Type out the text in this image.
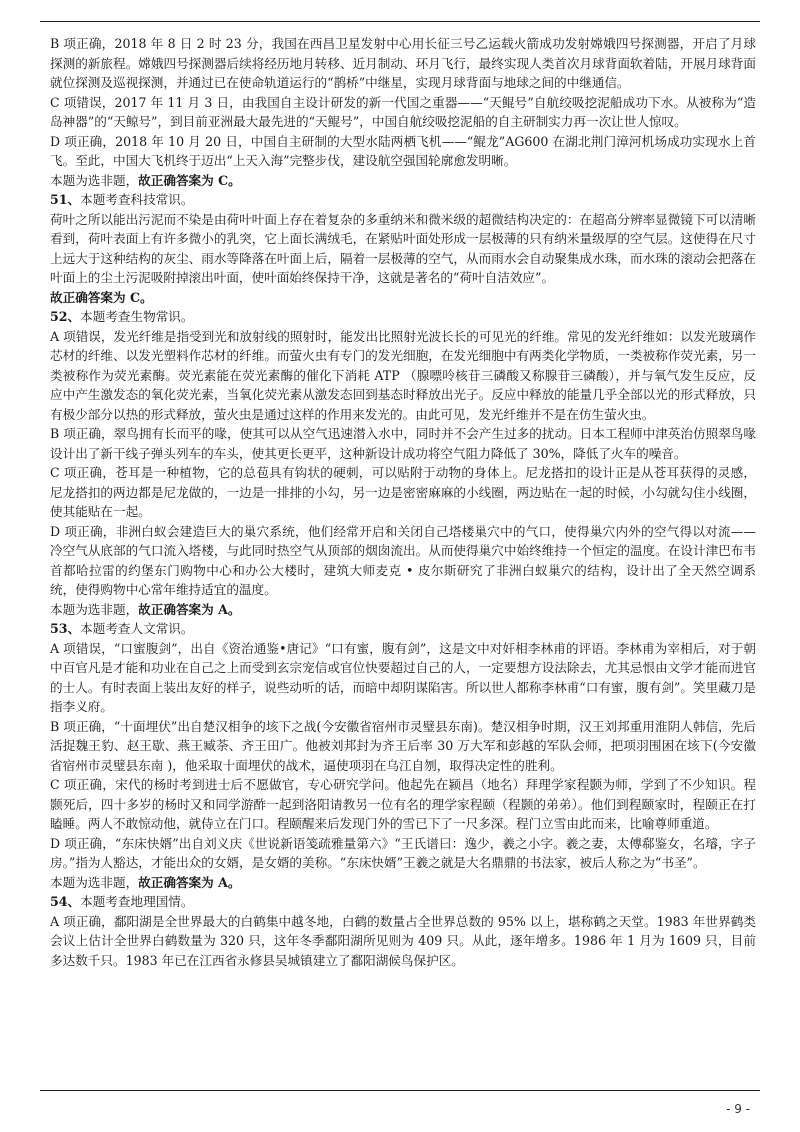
B 项正确，2018 年 8 日 2 时 23 分，我国在西昌卫星发射中心用长征三号乙运载火箭成功发射嫦娥四号探测器，开启了月球探测的新旅程。嫦娥四号探测器后续将经历地月转移、近月制动、环月飞行，最终实现人类首次月球背面软着陆，开展月球背面就位探测及巡视探测，并通过已在使命轨道运行的“鹊桥”中继星，实现月球背面与地球之间的中继通信。

C 项错误，2017 年 11 月 3 日，由我国自主设计研发的新一代国之重器——“天鲲号”自航绞吸挖泥船成功下水。从被称为“造岛神器”的“天鲸号”，到目前亚洲最大最先进的“天鲲号”，中国自航绞吸挖泥船的自主研制实力再一次让世人惊叹。

D 项正确，2018 年 10 月 20 日，中国自主研制的大型水陆两栖飞机——“鲲龙”AG600 在湖北荆门漳河机场成功实现水上首飞。至此，中国大飞机终于迈出“上天入海”完整步伐，建设航空强国轮廓愈发明晰。

本题为选非题，故正确答案为 C。

51、本题考查科技常识。

荷叶之所以能出污泥而不染是由荷叶叶面上存在着复杂的多重纳米和微米级的超微结构决定的：在超高分辨率显微镜下可以清晰看到，荷叶表面上有许多微小的乳突，它上面长满绒毛，在紧贴叶面处形成一层极薄的只有纳米量级厚的空气层。这使得在尺寸上远大于这种结构的灰尘、雨水等降落在叶面上后，隔着一层极薄的空气，从而雨水会自动聚集成水珠，而水珠的滚动会把落在叶面上的尘土污泥吸附掉滚出叶面，使叶面始终保持干净，这就是著名的“荷叶自洁效应”。

故正确答案为 C。

52、本题考查生物常识。

A 项错误，发光纤维是指受到光和放射线的照射时，能发出比照射光波长长的可见光的纤维。常见的发光纤维如：以发光玻璃作芯材的纤维、以发光塑料作芯材的纤维。而萤火虫有专门的发光细胞，在发光细胞中有两类化学物质，一类被称作荧光素，另一类被称作为荧光素酶。荧光素能在荧光素酶的催化下消耗 ATP （腺嘌呤核苷三磷酸又称腺苷三磷酸），并与氧气发生反应，反应中产生激发态的氧化荧光素，当氧化荧光素从激发态回到基态时释放出光子。反应中释放的能量几乎全部以光的形式释放，只有极少部分以热的形式释放，萤火虫是通过这样的作用来发光的。由此可见，发光纤维并不是在仿生萤火虫。

B 项正确，翠鸟拥有长而平的喙，使其可以从空气迅速潜入水中，同时并不会产生过多的扰动。日本工程师中津英治仿照翠鸟喙设计出了新干线子弹头列车的车头，使其更长更平，这种新设计成功将空气阻力降低了 30%，降低了火车的噪音。

C 项正确，苍耳是一种植物，它的总苞具有钩状的硬刺，可以贴附于动物的身体上。尼龙搭扣的设计正是从苍耳获得的灵感，尼龙搭扣的两边都是尼龙做的，一边是一排排的小勾，另一边是密密麻麻的小线圈，两边贴在一起的时候，小勾就勾住小线圈，使其能贴在一起。

D 项正确，非洲白蚁会建造巨大的巢穴系统，他们经常开启和关闭自己塔楼巢穴中的气口，使得巢穴内外的空气得以对流——冷空气从底部的气口流入塔楼，与此同时热空气从顶部的烟囱流出。从而使得巢穴中始终维持一个恒定的温度。在设计津巴布韦首都哈拉雷的约堡东门购物中心和办公大楼时，建筑大师麦克 • 皮尔斯研究了非洲白蚁巢穴的结构，设计出了全天然空调系统，使得购物中心常年维持适宜的温度。

本题为选非题，故正确答案为 A。

53、本题考查人文常识。

A 项错误，“口蜜腹剑”，出自《资治通鉴•唐记》“口有蜜，腹有剑”，这是文中对奸相李林甫的评语。李林甫为宰相后，对于朝中百官凡是才能和功业在自己之上而受到玄宗宠信或官位快要超过自己的人，一定要想方设法除去，尤其忌恨由文学才能而进官的士人。有时表面上装出友好的样子，说些动听的话，而暗中却阴谋陷害。所以世人都称李林甫“口有蜜，腹有剑”。笑里藏刀是指李义府。

B 项正确，“十面埋伏”出自楚汉相争的垓下之战(今安徽省宿州市灵璧县东南)。楚汉相争时期，汉王刘邦重用淮阴人韩信，先后活捉魏王豹、赵王歇、燕王臧荼、齐王田广。他被刘邦封为齐王后率 30 万大军和彭越的军队会师，把项羽围困在垓下(今安徽省宿州市灵璧县东南 )，他采取十面埋伏的战术，逼使项羽在乌江自刎，取得决定性的胜利。

C 项正确，宋代的杨时考到进士后不愿做官，专心研究学问。他起先在颍昌（地名）拜理学家程颢为师，学到了不少知识。程颢死后，四十多岁的杨时又和同学游酢一起到洛阳请教另一位有名的理学家程颐（程颢的弟弟）。他们到程颐家时，程颐正在打瞌睡。两人不敢惊动他，就侍立在门口。程颐醒来后发现门外的雪已下了一尺多深。程门立雪由此而来，比喻尊师重道。

D 项正确，“东床快婿”出自刘义庆《世说新语笺疏雅量第六》“王氏谱曰：逸少，羲之小字。羲之妻，太傅郗鉴女，名璿，字子房。”指为人豁达，才能出众的女婿，是女婿的美称。“东床快婿”王羲之就是大名鼎鼎的书法家，被后人称之为“书圣”。

本题为选非题，故正确答案为 A。

54、本题考查地理国情。

A 项正确，鄱阳湖是全世界最大的白鹤集中越冬地，白鹤的数量占全世界总数的 95% 以上，堪称鹤之天堂。1983 年世界鹤类会议上估计全世界白鹤数量为 320 只，这年冬季鄱阳湖所见则为 409 只。从此，逐年增多。1986 年 1 月为 1609 只，目前多达数千只。1983 年已在江西省永修县吴城镇建立了鄱阳湖候鸟保护区。

- 9 -
